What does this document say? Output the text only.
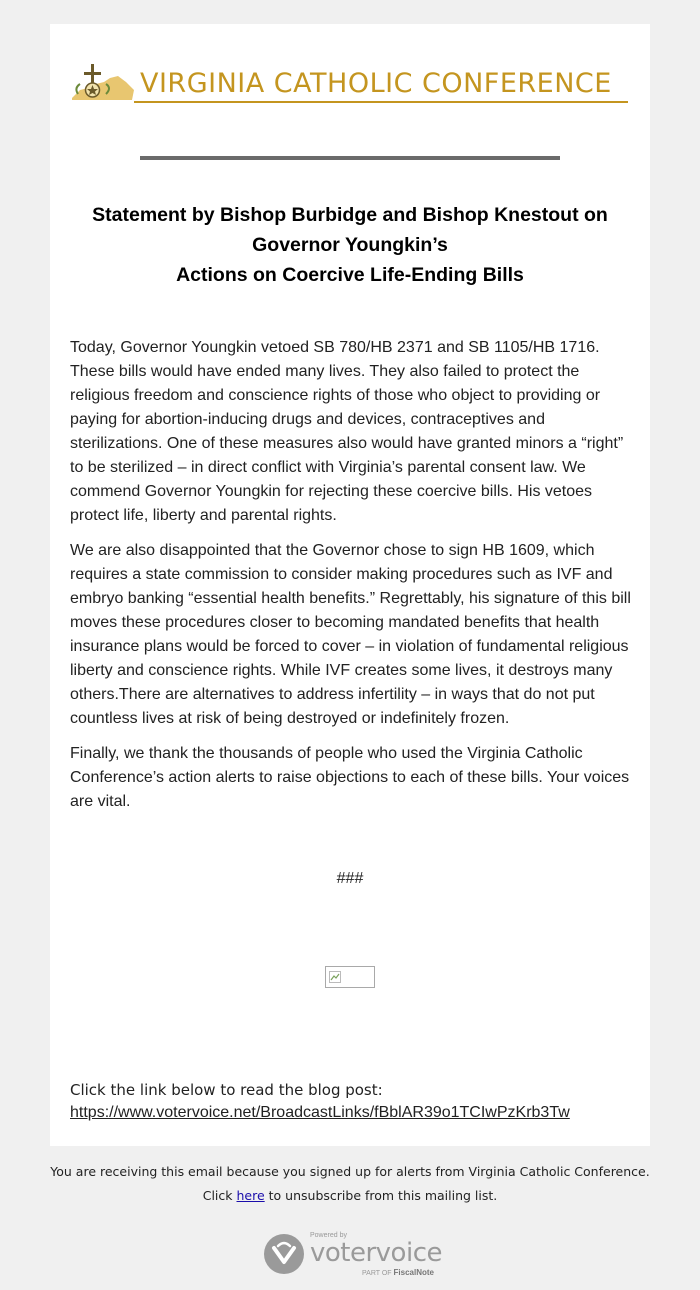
VIRGINIA CATHOLIC CONFERENCE
Statement by Bishop Burbidge and Bishop Knestout on
Governor Youngkin’s
Actions on Coercive Life-Ending Bills

Today, Governor Youngkin vetoed SB 780/HB 2371 and SB 1105/HB 1716. These bills would have ended many lives. They also failed to protect the religious freedom and conscience rights of those who object to providing or paying for abortion-inducing drugs and devices, contraceptives and sterilizations. One of these measures also would have granted minors a “right” to be sterilized – in direct conflict with Virginia’s parental consent law. We commend Governor Youngkin for rejecting these coercive bills. His vetoes protect life, liberty and parental rights.

We are also disappointed that the Governor chose to sign HB 1609, which requires a state commission to consider making procedures such as IVF and embryo banking “essential health benefits.” Regrettably, his signature of this bill moves these procedures closer to becoming mandated benefits that health insurance plans would be forced to cover – in violation of fundamental religious liberty and conscience rights. While IVF creates some lives, it destroys many others.There are alternatives to address infertility – in ways that do not put countless lives at risk of being destroyed or indefinitely frozen.

Finally, we thank the thousands of people who used the Virginia Catholic Conference’s action alerts to raise objections to each of these bills. Your voices are vital.

###
Click the link below to read the blog post:
https://www.votervoice.net/BroadcastLinks/fBblAR39o1TCIwPzKrb3Tw
You are receiving this email because you signed up for alerts from Virginia Catholic Conference.
Click here to unsubscribe from this mailing list.
Powered by
votervoice
PART OF FiscalNote
